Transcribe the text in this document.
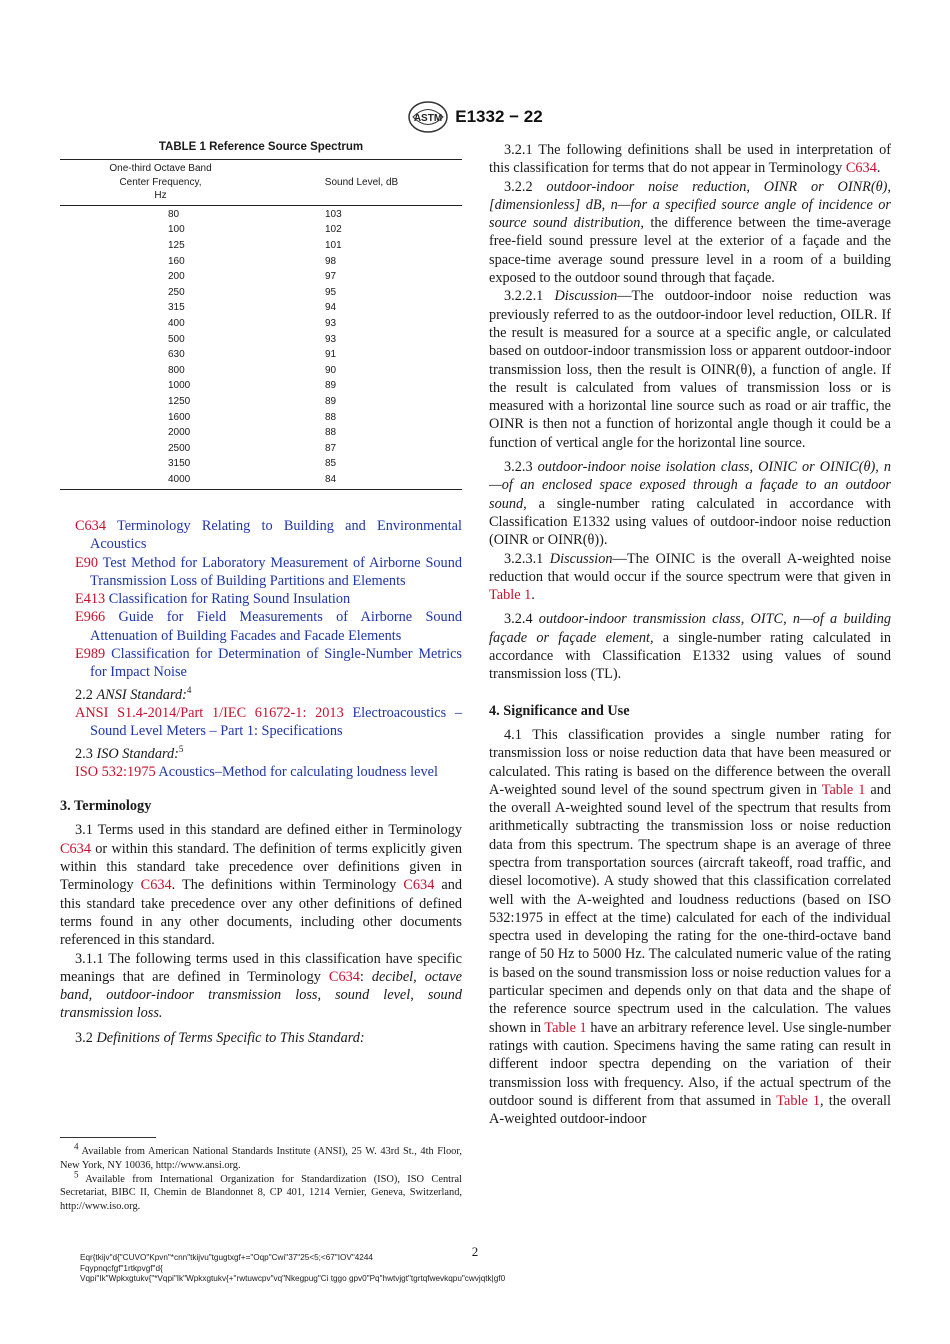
ASTM E1332 − 22

TABLE 1 Reference Source Spectrum

One-third Octave Band
Center Frequency,
Hz	Sound Level, dB

80	103
100	102
125	101
160	98
200	97
250	95
315	94
400	93
500	93
630	91
800	90
1000	89
1250	89
1600	88
2000	88
2500	87
3150	85
4000	84

C634 Terminology Relating to Building and Environmental Acoustics

E90 Test Method for Laboratory Measurement of Airborne Sound Transmission Loss of Building Partitions and Elements

E413 Classification for Rating Sound Insulation

E966 Guide for Field Measurements of Airborne Sound Attenuation of Building Facades and Facade Elements

E989 Classification for Determination of Single-Number Metrics for Impact Noise

2.2 ANSI Standard:$^4$

ANSI S1.4-2014/Part 1/IEC 61672-1: 2013 Electroacoustics – Sound Level Meters – Part 1: Specifications

2.3 ISO Standard:$^5$

ISO 532:1975 Acoustics–Method for calculating loudness level

3. Terminology

3.1 Terms used in this standard are defined either in Terminology C634 or within this standard. The definition of terms explicitly given within this standard take precedence over definitions given in Terminology C634. The definitions within Terminology C634 and this standard take precedence over any other definitions of defined terms found in any other documents, including other documents referenced in this standard.

3.1.1 The following terms used in this classification have specific meanings that are defined in Terminology C634: decibel, octave band, outdoor-indoor transmission loss, sound level, sound transmission loss.

3.2 Definitions of Terms Specific to This Standard:

$^4$ Available from American National Standards Institute (ANSI), 25 W. 43rd St., 4th Floor, New York, NY 10036, http://www.ansi.org.

$^5$ Available from International Organization for Standardization (ISO), ISO Central Secretariat, BIBC II, Chemin de Blandonnet 8, CP 401, 1214 Vernier, Geneva, Switzerland, http://www.iso.org.

3.2.1 The following definitions shall be used in interpretation of this classification for terms that do not appear in Terminology C634.

3.2.2 outdoor-indoor noise reduction, OINR or OINR(θ), [dimensionless] dB, n—for a specified source angle of incidence or source sound distribution, the difference between the time-average free-field sound pressure level at the exterior of a façade and the space-time average sound pressure level in a room of a building exposed to the outdoor sound through that façade.

3.2.2.1 Discussion—The outdoor-indoor noise reduction was previously referred to as the outdoor-indoor level reduction, OILR. If the result is measured for a source at a specific angle, or calculated based on outdoor-indoor transmission loss or apparent outdoor-indoor transmission loss, then the result is OINR(θ), a function of angle. If the result is calculated from values of transmission loss or is measured with a horizontal line source such as road or air traffic, the OINR is then not a function of horizontal angle though it could be a function of vertical angle for the horizontal line source.

3.2.3 outdoor-indoor noise isolation class, OINIC or OINIC(θ), n—of an enclosed space exposed through a façade to an outdoor sound, a single-number rating calculated in accordance with Classification E1332 using values of outdoor-indoor noise reduction (OINR or OINR(θ)).

3.2.3.1 Discussion—The OINIC is the overall A-weighted noise reduction that would occur if the source spectrum were that given in Table 1.

3.2.4 outdoor-indoor transmission class, OITC, n—of a building façade or façade element, a single-number rating calculated in accordance with Classification E1332 using values of sound transmission loss (TL).

4. Significance and Use

4.1 This classification provides a single number rating for transmission loss or noise reduction data that have been measured or calculated. This rating is based on the difference between the overall A-weighted sound level of the sound spectrum given in Table 1 and the overall A-weighted sound level of the spectrum that results from arithmetically subtracting the transmission loss or noise reduction data from this spectrum. The spectrum shape is an average of three spectra from transportation sources (aircraft takeoff, road traffic, and diesel locomotive). A study showed that this classification correlated well with the A-weighted and loudness reductions (based on ISO 532:1975 in effect at the time) calculated for each of the individual spectra used in developing the rating for the one-third-octave band range of 50 Hz to 5000 Hz. The calculated numeric value of the rating is based on the sound transmission loss or noise reduction values for a particular specimen and depends only on that data and the shape of the reference source spectrum used in the calculation. The values shown in Table 1 have an arbitrary reference level. Use single-number ratings with caution. Specimens having the same rating can result in different indoor spectra depending on the variation of their transmission loss with frequency. Also, if the actual spectrum of the outdoor sound is different from that assumed in Table 1, the overall A-weighted outdoor-indoor

2
Eqr{tkijv"d{"CUVO"Kpvn"*cnn"tkijvu"tgugtxgf+="Oqp"Cwi"37"25<5;<67"IOV"4244
Fqypnqcfgf"1rtkpvgf"d{
Vqpi"Ik"Wpkxgtukv{"*Vqpi"Ik"Wpkxgtukv{+"rwtuwcpv"vq"Nkegpug"Ci tggo gpv0"Pq"hwtvjgt"tgrtqfwevkqpu"cwvjqtk|gf0
